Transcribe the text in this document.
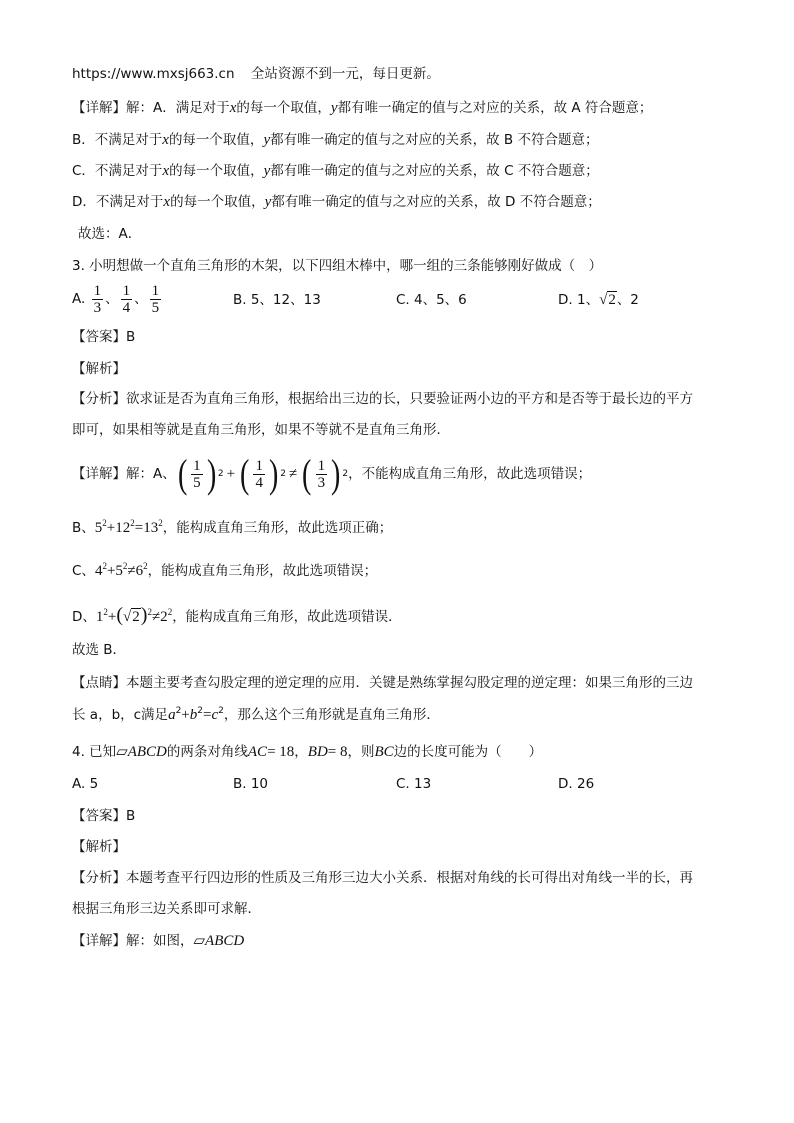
https://www.mxsj663.cn 全站资源不到一元，每日更新。
【详解】解：A．满足对于x的每一个取值，y都有唯一确定的值与之对应的关系，故 A 符合题意；
B．不满足对于x的每一个取值，y都有唯一确定的值与之对应的关系，故 B 不符合题意；
C．不满足对于x的每一个取值，y都有唯一确定的值与之对应的关系，故 C 不符合题意；
D．不满足对于x的每一个取值，y都有唯一确定的值与之对应的关系，故 D 不符合题意；
故选：A．
3. 小明想做一个直角三角形的木架，以下四组木棒中，哪一组的三条能够刚好做成（　）
A. $\frac{1}{3}$ 、 $\frac{1}{4}$ 、 $\frac{1}{5}$	B. 5、12、13	C. 4、5、6	D. 1、√2、2
【答案】B
【解析】
【分析】欲求证是否为直角三角形，根据给出三边的长，只要验证两小边的平方和是否等于最长边的平方
即可，如果相等就是直角三角形，如果不等就不是直角三角形．
【详解】解：A、 ( $\frac{1}{5}$ ) 2 + ( $\frac{1}{4}$ ) 2 ≠ ( $\frac{1}{3}$ ) 2 ，不能构成直角三角形，故此选项错误；
B、$5^2+12^2=13^2$，能构成直角三角形，故此选项正确；
C、$4^2+5^2\ne 6^2$，能构成直角三角形，故此选项错误；
D、$1^2+(√2)^2\ne 2^2$，能构成直角三角形，故此选项错误．
故选 B．
【点睛】本题主要考查勾股定理的逆定理的应用．关键是熟练掌握勾股定理的逆定理：如果三角形的三边
长 a，b，c满足$a^2+b^2=c^2$，那么这个三角形就是直角三角形．
4. 已知▱ABCD的两条对角线AC= 18，BD= 8，则BC边的长度可能为（　　）
A. 5	B. 10	C. 13	D. 26
【答案】B
【解析】
【分析】本题考查平行四边形的性质及三角形三边大小关系．根据对角线的长可得出对角线一半的长，再
根据三角形三边关系即可求解．
【详解】解：如图，▱ABCD
